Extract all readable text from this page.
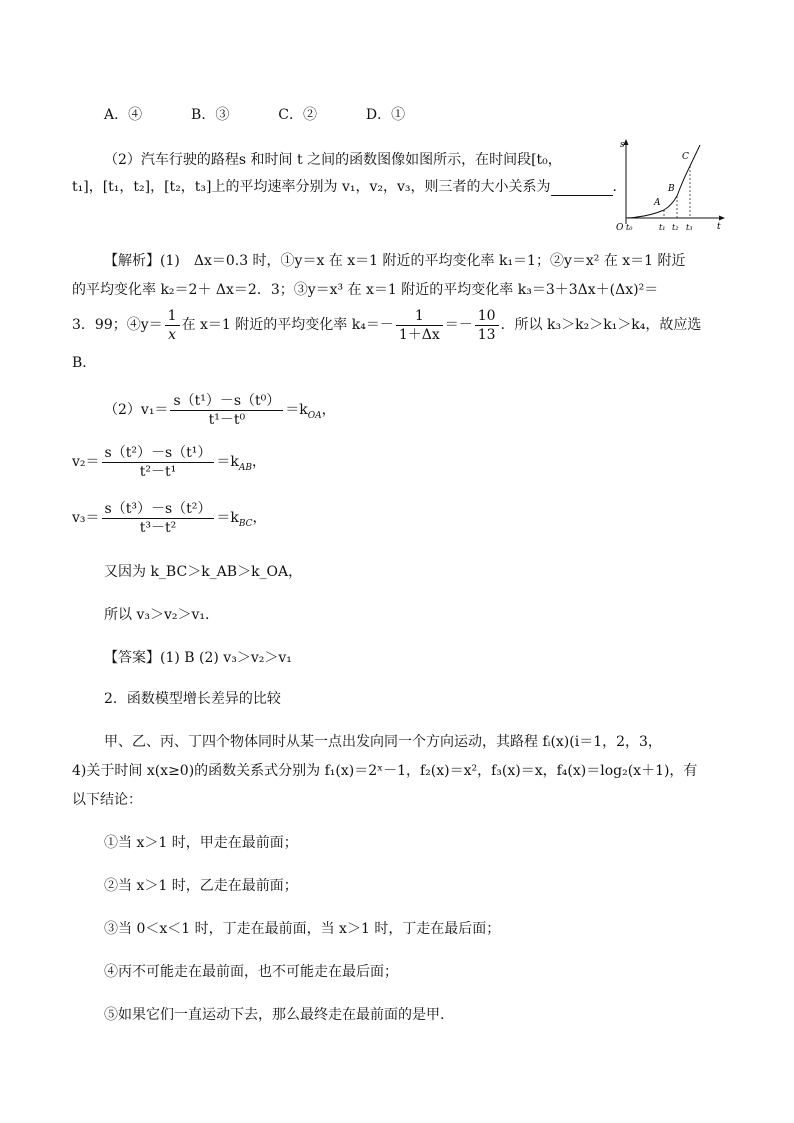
A．④	B．③	C．②	D．①
（2）汽车行驶的路程s 和时间 t 之间的函数图像如图所示，在时间段[t₀，
t₁]，[t₁，t₂]，[t₂，t₃]上的平均速率分别为 v₁，v₂，v₃，则三者的大小关系为	．
s
t
O
A
B
C
t₀	t₁ t₂ t₃
【解析】(1)　Δx＝0.3 时，①y＝x 在 x＝1 附近的平均变化率 k₁＝1；②y＝x² 在 x＝1 附近
的平均变化率 k₂＝2＋ Δx＝2．3；③y＝x³ 在 x＝1 附近的平均变化率 k₃＝3＋3Δx＋(Δx)²＝
3．99；④y＝ $\frac{1}{x}$ 在 x＝1 附近的平均变化率 $k_4=- \frac{1}{1+\Delta x} =- \frac{10}{13}$ ．所以 k₃＞k₂＞k₁＞k₄，故应选
B．
$(2)v_1= \frac{\text{s（t¹）－s（t⁰）}}{\text{t¹－t⁰}} =k_{OA}$，
$v_2= \frac{\text{s（t²）－s（t¹）}}{\text{t²－t¹}} =k_{AB}$，
$v_3= \frac{\text{s（t³）－s（t²）}}{\text{t³－t²}} =k_{BC}$，
又因为 k_BC＞k_AB＞k_OA，
所以 v₃＞v₂＞v₁.
【答案】(1) B (2) v₃＞v₂＞v₁
2．函数模型增长差异的比较
甲、乙、丙、丁四个物体同时从某一点出发向同一个方向运动，其路程 fᵢ(x)(i＝1，2，3，
4)关于时间 x(x≥0)的函数关系式分别为 f₁(x)＝2ˣ－1，f₂(x)＝x²，f₃(x)＝x，f₄(x)＝log₂(x＋1)，有
以下结论：
①当 x＞1 时，甲走在最前面；
②当 x＞1 时，乙走在最前面；
③当 0＜x＜1 时，丁走在最前面，当 x＞1 时，丁走在最后面；
④丙不可能走在最前面，也不可能走在最后面；
⑤如果它们一直运动下去，那么最终走在最前面的是甲.
